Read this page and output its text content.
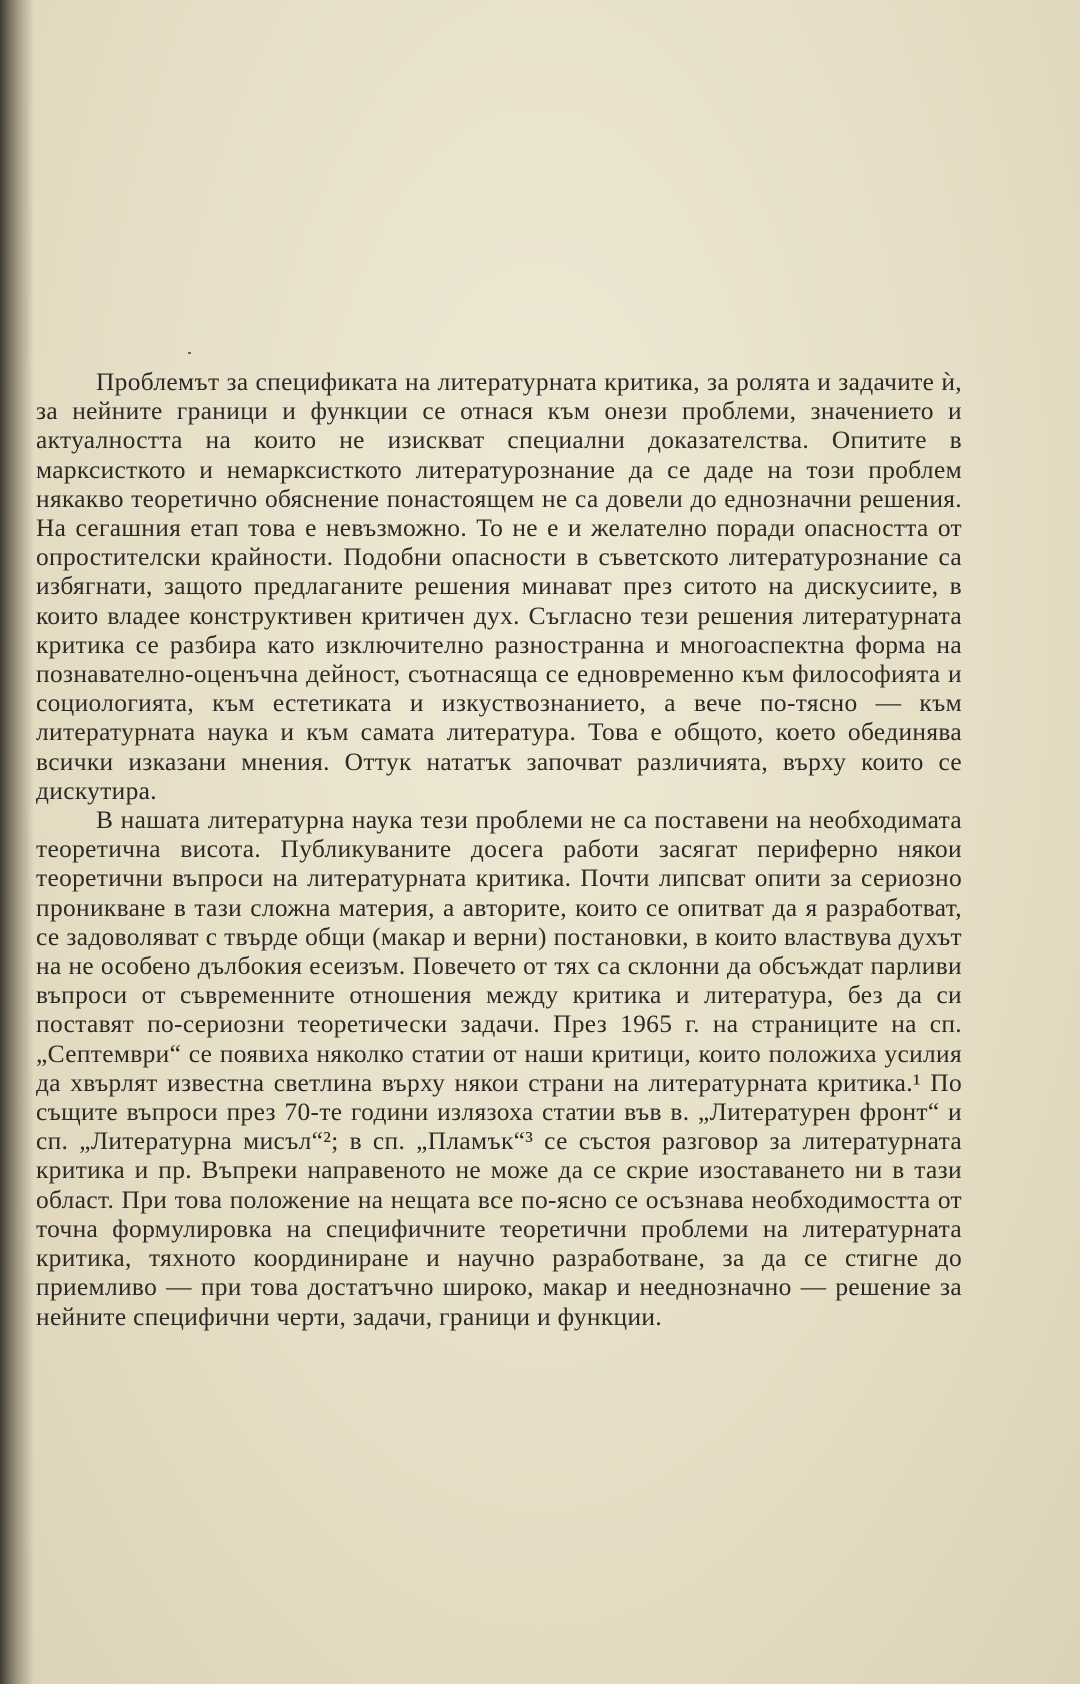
Проблемът за спецификата на литературната критика, за ролята и задачите ѝ, за нейните граници и функции се отнася към онези проблеми, значението и актуалността на които не изискват специални доказателства. Опитите в марксисткото и немарксисткото литературознание да се даде на този проблем някакво теоретично обяснение понастоящем не са довели до еднозначни решения. На сегашния етап това е невъзможно. То не е и желателно поради опасността от опростителски крайности. Подобни опасности в съветското литературознание са избягнати, защото предлаганите решения минават през ситото на дискусиите, в които владее конструктивен критичен дух. Съгласно тези решения литературната критика се разбира като изключително разностранна и многоаспектна форма на познавателно-оценъчна дейност, съотнасяща се едновременно към философията и социологията, към естетиката и изкуствознанието, а вече по-тясно — към литературната наука и към самата литература. Това е общото, което обединява всички изказани мнения. Оттук нататък започват различията, върху които се дискутира.

В нашата литературна наука тези проблеми не са поставени на необходимата теоретична висота. Публикуваните досега работи засягат периферно някои теоретични въпроси на литературната критика. Почти липсват опити за сериозно проникване в тази сложна материя, а авторите, които се опитват да я разработват, се задоволяват с твърде общи (макар и верни) постановки, в които властвува духът на не особено дълбокия есеизъм. Повечето от тях са склонни да обсъждат парливи въпроси от съвременните отношения между критика и литература, без да си поставят по-сериозни теоретически задачи. През 1965 г. на страниците на сп. „Септември“ се появиха няколко статии от наши критици, които положиха усилия да хвърлят известна светлина върху някои страни на литературната критика.¹ По същите въпроси през 70-те години излязоха статии във в. „Литературен фронт“ и сп. „Литературна мисъл“²; в сп. „Пламък“³ се състоя разговор за литературната критика и пр. Въпреки направеното не може да се скрие изоставането ни в тази област. При това положение на нещата все по-ясно се осъзнава необходимостта от точна формулировка на специфичните теоретични проблеми на литературната критика, тяхното координиране и научно разработване, за да се стигне до приемливо — при това достатъчно широко, макар и нееднозначно — решение за нейните специфични черти, задачи, граници и функции.
